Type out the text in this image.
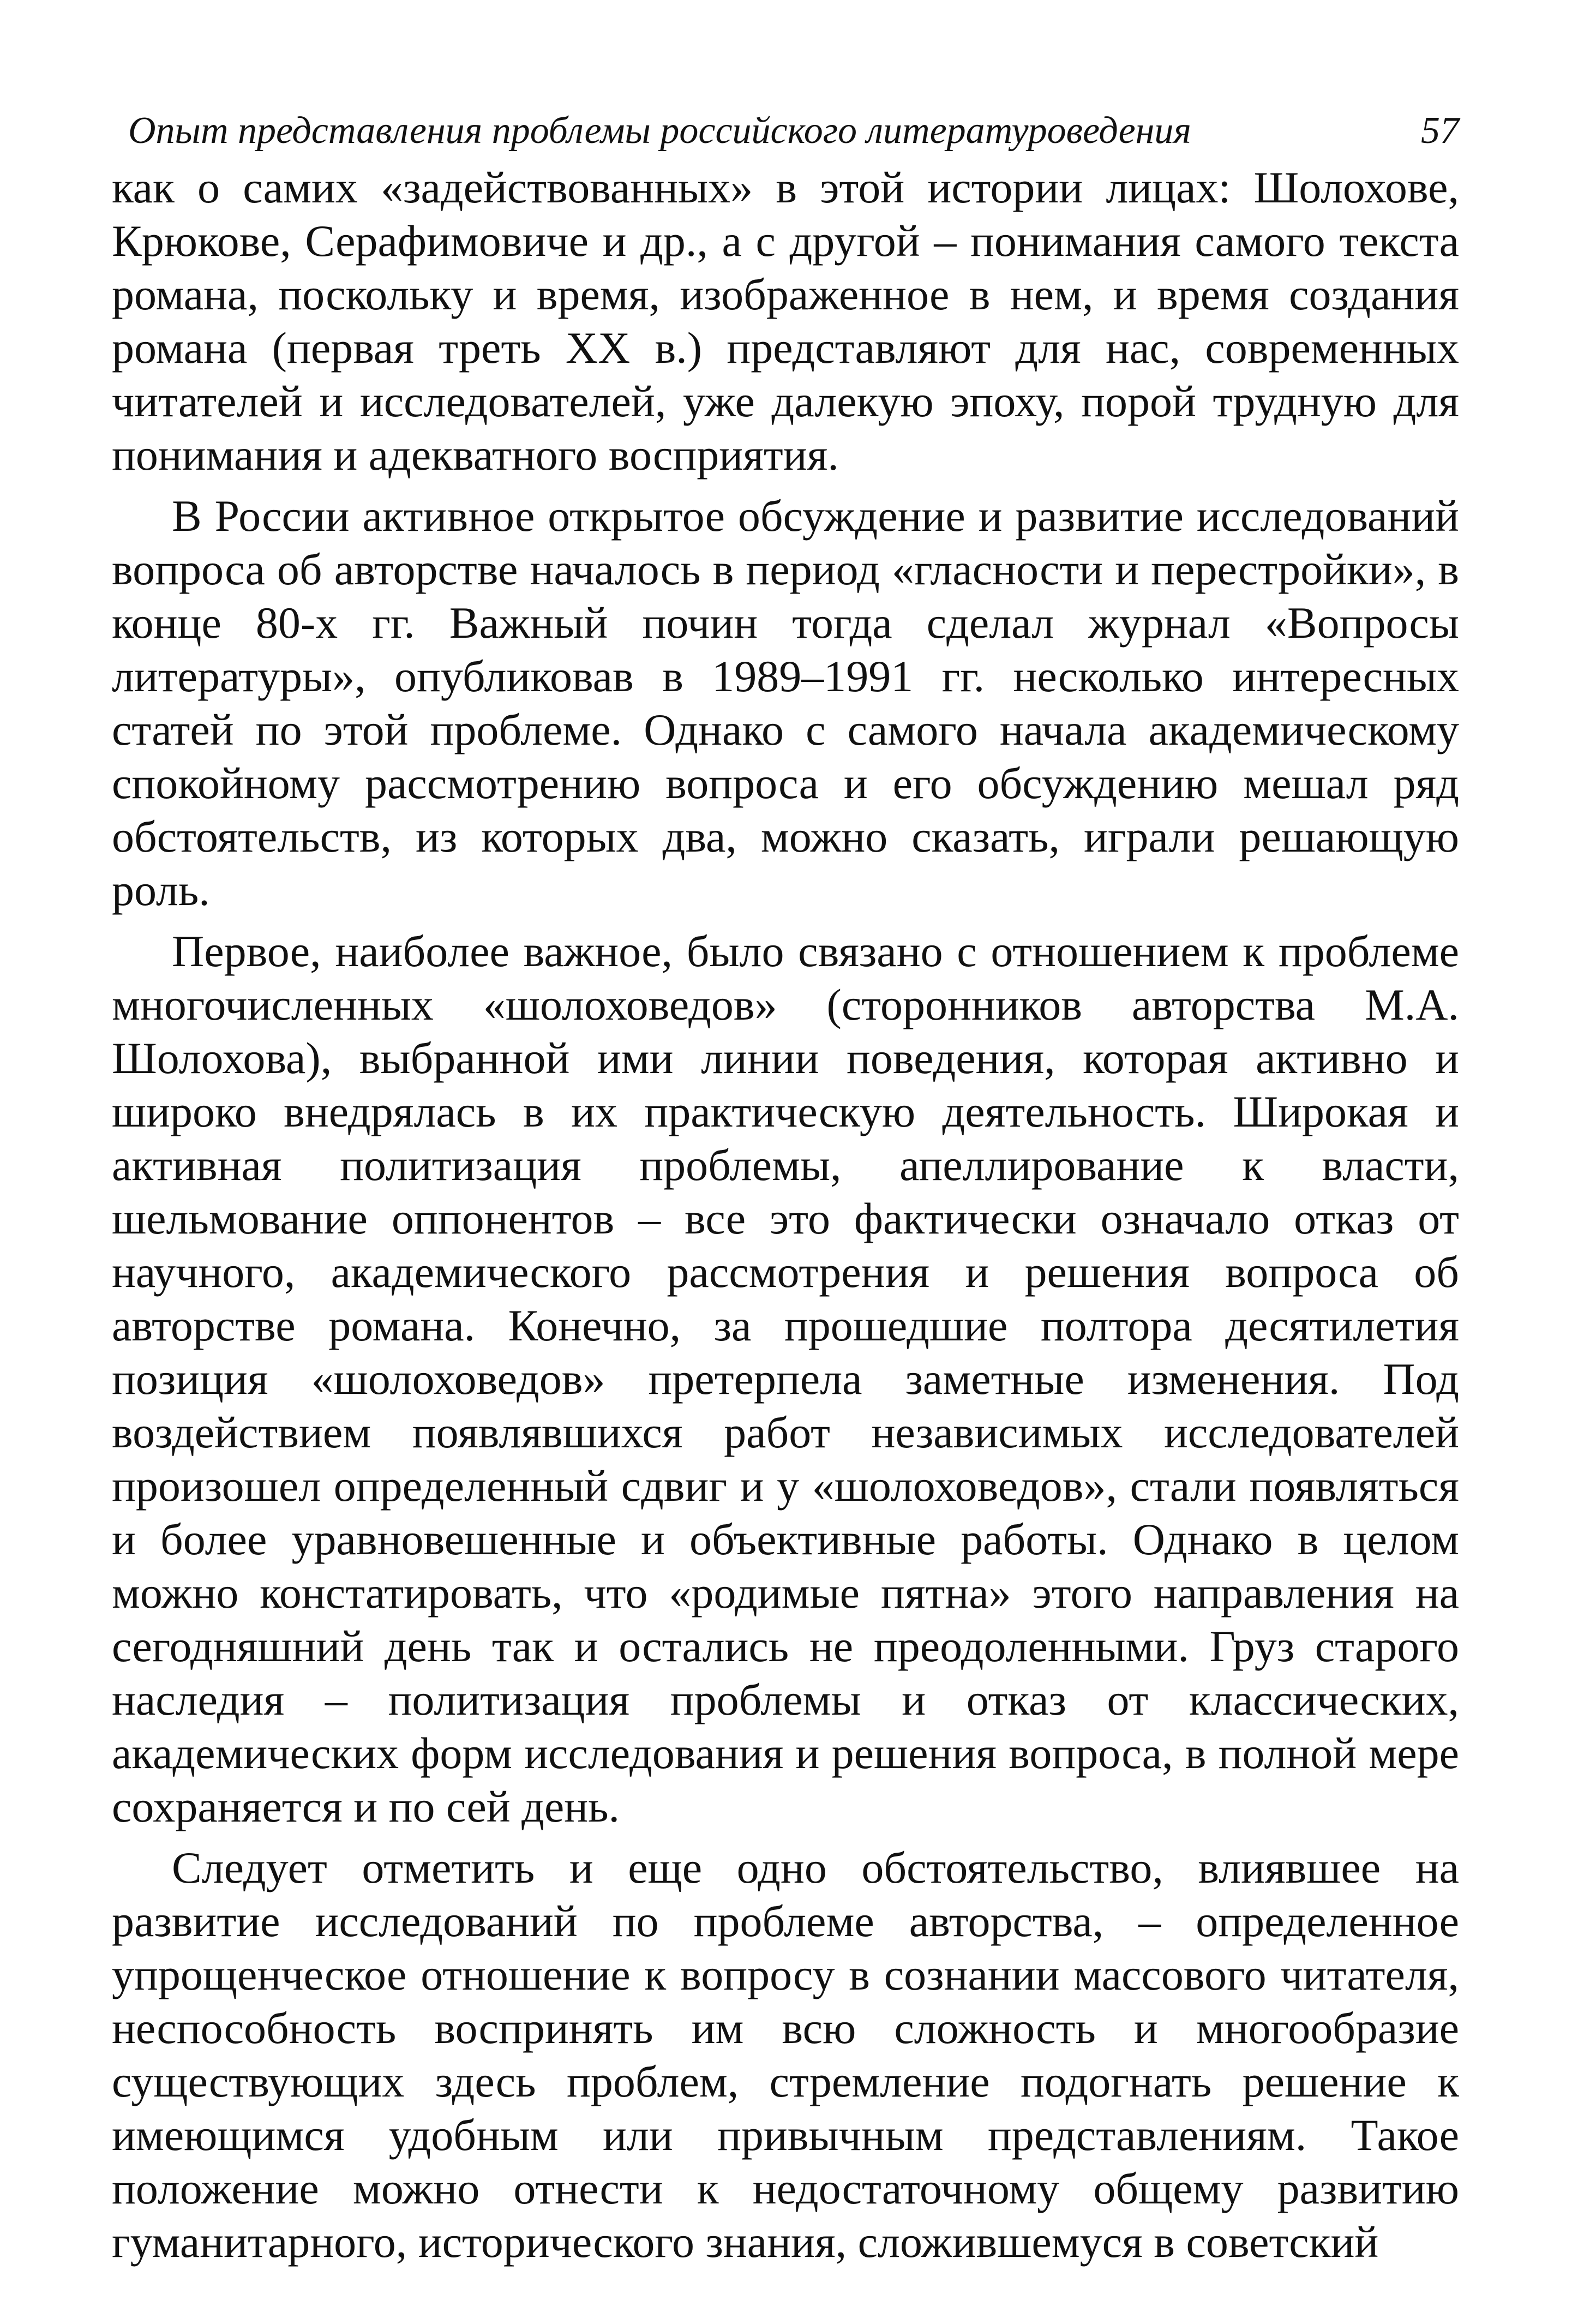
Опыт представления проблемы российского литературоведения	57

как о самих «задействованных» в этой истории лицах: Шолохове, Крюкове, Серафимовиче и др., а с другой – понимания самого текста романа, поскольку и время, изображенное в нем, и время создания романа (первая треть XX в.) представляют для нас, современных читателей и исследователей, уже далекую эпоху, порой трудную для понимания и адекватного восприятия.

В России активное открытое обсуждение и развитие исследований вопроса об авторстве началось в период «гласности и перестройки», в конце 80-х гг. Важный почин тогда сделал журнал «Вопросы литературы», опубликовав в 1989–1991 гг. несколько интересных статей по этой проблеме. Однако с самого начала академическому спокойному рассмотрению вопроса и его обсуждению мешал ряд обстоятельств, из которых два, можно сказать, играли решающую роль.

Первое, наиболее важное, было связано с отношением к проблеме многочисленных «шолоховедов» (сторонников авторства М.А. Шолохова), выбранной ими линии поведения, которая активно и широко внедрялась в их практическую деятельность. Широкая и активная политизация проблемы, апеллирование к власти, шельмование оппонентов – все это фактически означало отказ от научного, академического рассмотрения и решения вопроса об авторстве романа. Конечно, за прошедшие полтора десятилетия позиция «шолоховедов» претерпела заметные изменения. Под воздействием появлявшихся работ независимых исследователей произошел определенный сдвиг и у «шолоховедов», стали появляться и более уравновешенные и объективные работы. Однако в целом можно констатировать, что «родимые пятна» этого направления на сегодняшний день так и остались не преодоленными. Груз старого наследия – политизация проблемы и отказ от классических, академических форм исследования и решения вопроса, в полной мере сохраняется и по сей день.

Следует отметить и еще одно обстоятельство, влиявшее на развитие исследований по проблеме авторства, – определенное упрощенческое отношение к вопросу в сознании массового читателя, неспособность воспринять им всю сложность и многообразие существующих здесь проблем, стремление подогнать решение к имеющимся удобным или привычным представлениям. Такое положение можно отнести к недостаточному общему развитию гуманитарного, исторического знания, сложившемуся в советский
